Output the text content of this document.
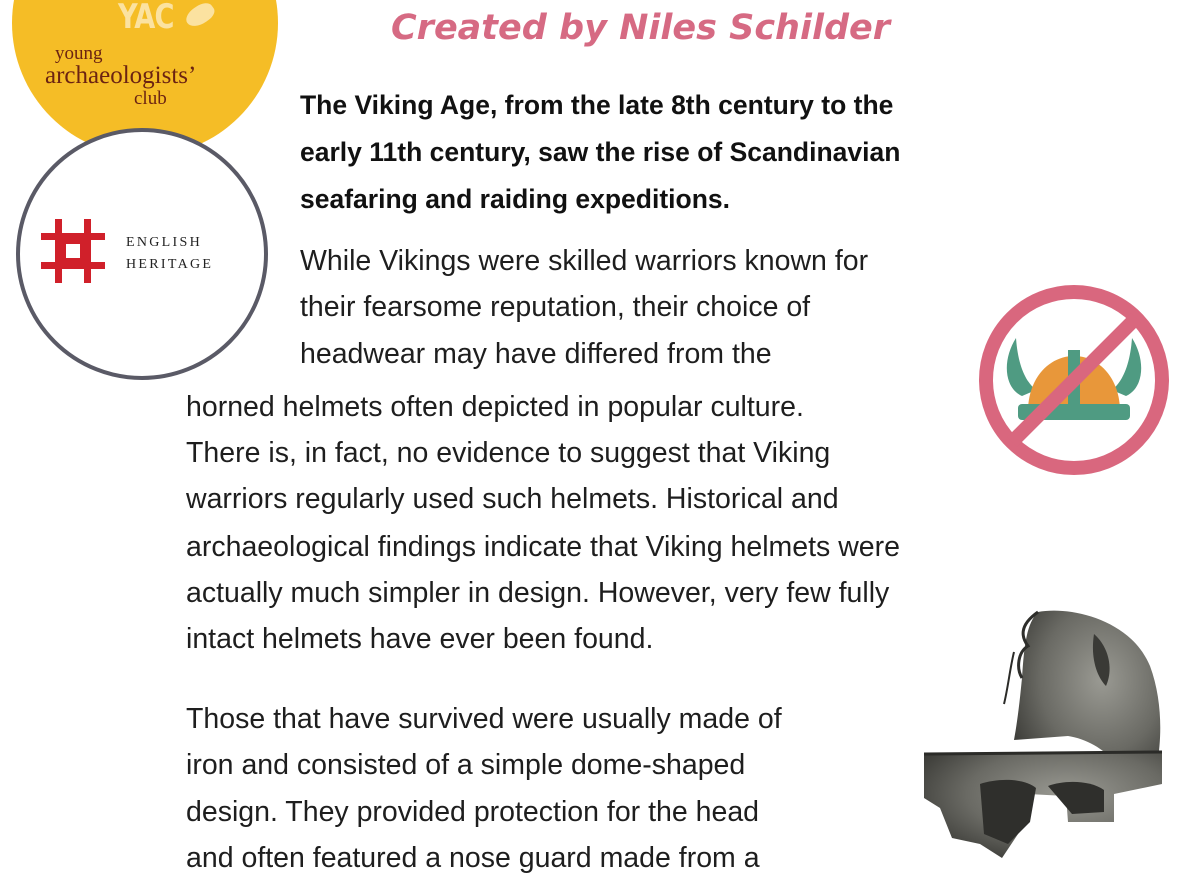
YAC
young
archaeologists’
club
ENGLISH
HERITAGE
Created by Niles Schilder
The Viking Age, from the late 8th century to the
early 11th century, saw the rise of Scandinavian
seafaring and raiding expeditions.
While Vikings were skilled warriors known for
their fearsome reputation, their choice of
headwear may have differed from the
horned helmets often depicted in popular culture.
There is, in fact, no evidence to suggest that Viking
warriors regularly used such helmets. Historical and
archaeological findings indicate that Viking helmets were
actually much simpler in design. However, very few fully
intact helmets have ever been found.
Those that have survived were usually made of
iron and consisted of a simple dome-shaped
design. They provided protection for the head
and often featured a nose guard made from a
